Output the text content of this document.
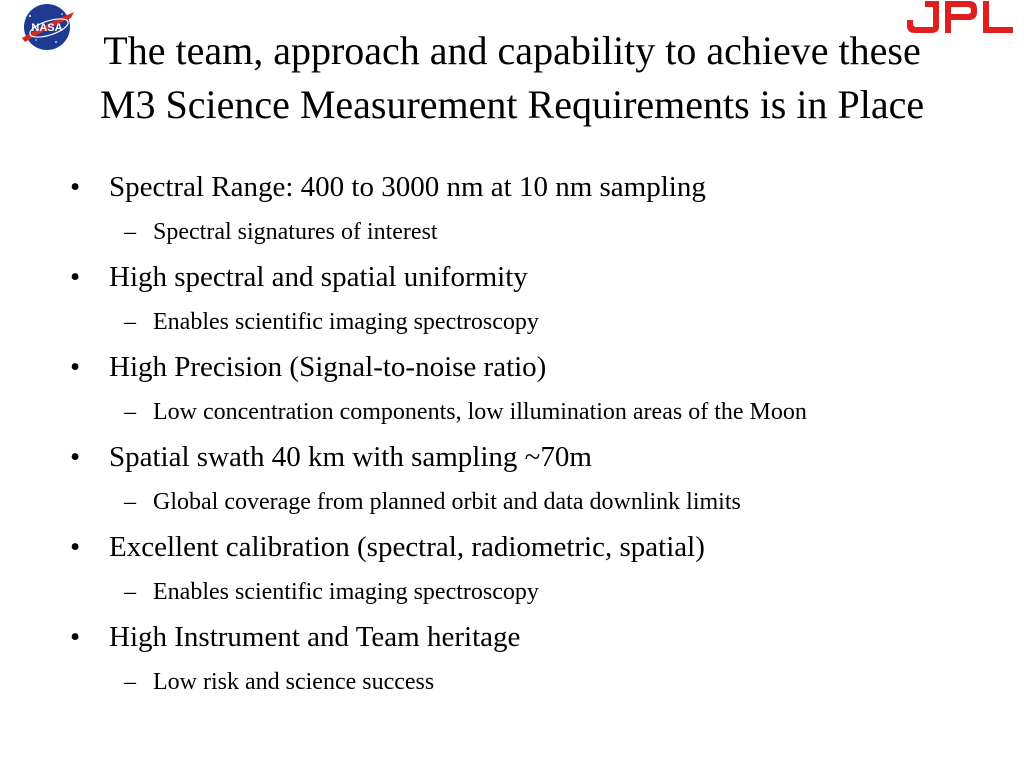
NASA
JPL
The team, approach and capability to achieve these
M3 Science Measurement Requirements is in Place
• Spectral Range: 400 to 3000 nm at 10 nm sampling
– Spectral signatures of interest
• High spectral and spatial uniformity
– Enables scientific imaging spectroscopy
• High Precision (Signal-to-noise ratio)
– Low concentration components, low illumination areas of the Moon
• Spatial swath 40 km with sampling ~70m
– Global coverage from planned orbit and data downlink limits
• Excellent calibration (spectral, radiometric, spatial)
– Enables scientific imaging spectroscopy
• High Instrument and Team heritage
– Low risk and science success
